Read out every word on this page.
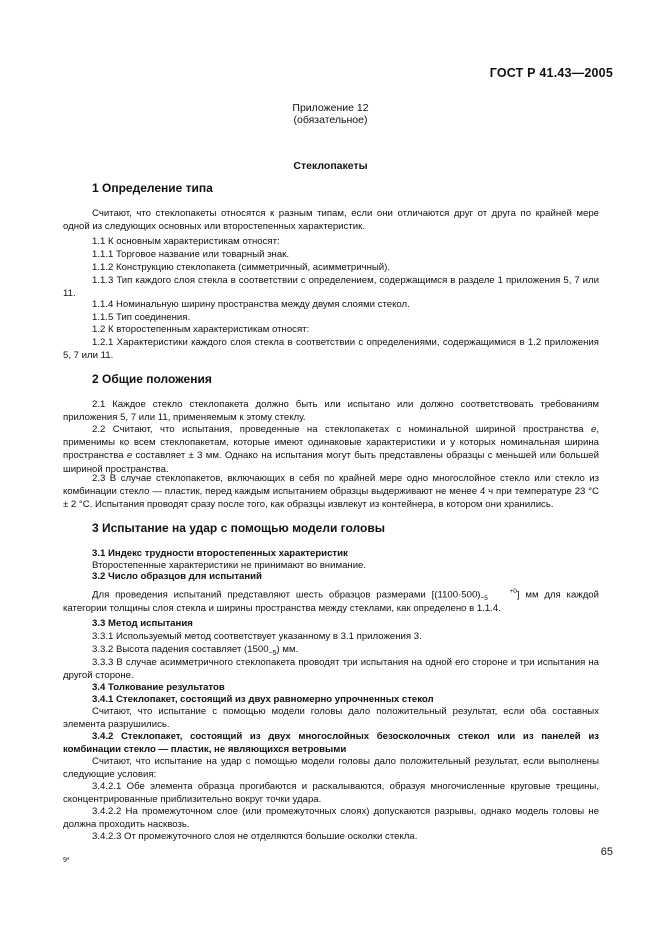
ГОСТ Р 41.43—2005
Приложение 12
(обязательное)
Стеклопакеты
1 Определение типа
Считают, что стеклопакеты относятся к разным типам, если они отличаются друг от друга по крайней мере одной из следующих основных или второстепенных характеристик.
1.1 К основным характеристикам относят:
1.1.1 Торговое название или товарный знак.
1.1.2 Конструкцию стеклопакета (симметричный, асимметричный).
1.1.3 Тип каждого слоя стекла в соответствии с определением, содержащимся в разделе 1 приложения 5, 7 или 11.
1.1.4 Номинальную ширину пространства между двумя слоями стекол.
1.1.5 Тип соединения.
1.2 К второстепенным характеристикам относят:
1.2.1 Характеристики каждого слоя стекла в соответствии с определениями, содержащимися в 1.2 приложения 5, 7 или 11.
2 Общие положения
2.1 Каждое стекло стеклопакета должно быть или испытано или должно соответствовать требованиям приложения 5, 7 или 11, применяемым к этому стеклу.
2.2 Считают, что испытания, проведенные на стеклопакетах с номинальной шириной пространства e, применимы ко всем стеклопакетам, которые имеют одинаковые характеристики и у которых номинальная ширина пространства e составляет ± 3 мм. Однако на испытания могут быть представлены образцы с меньшей или большей шириной пространства.
2.3 В случае стеклопакетов, включающих в себя по крайней мере одно многослойное стекло или стекло из комбинации стекло — пластик, перед каждым испытанием образцы выдерживают не менее 4 ч при температуре 23 °C ± 2 °C. Испытания проводят сразу после того, как образцы извлекут из контейнера, в котором они хранились.
3 Испытание на удар с помощью модели головы
3.1 Индекс трудности второстепенных характеристик
Второстепенные характеристики не принимают во внимание.
3.2 Число образцов для испытаний
Для проведения испытаний представляют шесть образцов размерами [(1100·500)	+0
−5	] мм для каждой категории толщины слоя стекла и ширины пространства между стеклами, как определено в 1.1.4.
3.3 Метод испытания
3.3.1 Используемый метод соответствует указанному в 3.1 приложения 3.
3.3.2 Высота падения составляет $(1500_{-5})$ мм.
3.3.3 В случае асимметричного стеклопакета проводят три испытания на одной его стороне и три испытания на другой стороне.
3.4 Толкование результатов
3.4.1 Стеклопакет, состоящий из двух равномерно упрочненных стекол
Считают, что испытание с помощью модели головы дало положительный результат, если оба составных элемента разрушились.
3.4.2 Стеклопакет, состоящий из двух многослойных безосколочных стекол или из панелей из комбинации стекло — пластик, не являющихся ветровыми
Считают, что испытание на удар с помощью модели головы дало положительный результат, если выполнены следующие условия:
3.4.2.1 Обе элемента образца прогибаются и раскалываются, образуя многочисленные круговые трещины, сконцентрированные приблизительно вокруг точки удара.
3.4.2.2 На промежуточном слое (или промежуточных слоях) допускаются разрывы, однако модель головы не должна проходить насквозь.
3.4.2.3 От промежуточного слоя не отделяются большие осколки стекла.
9*
65
